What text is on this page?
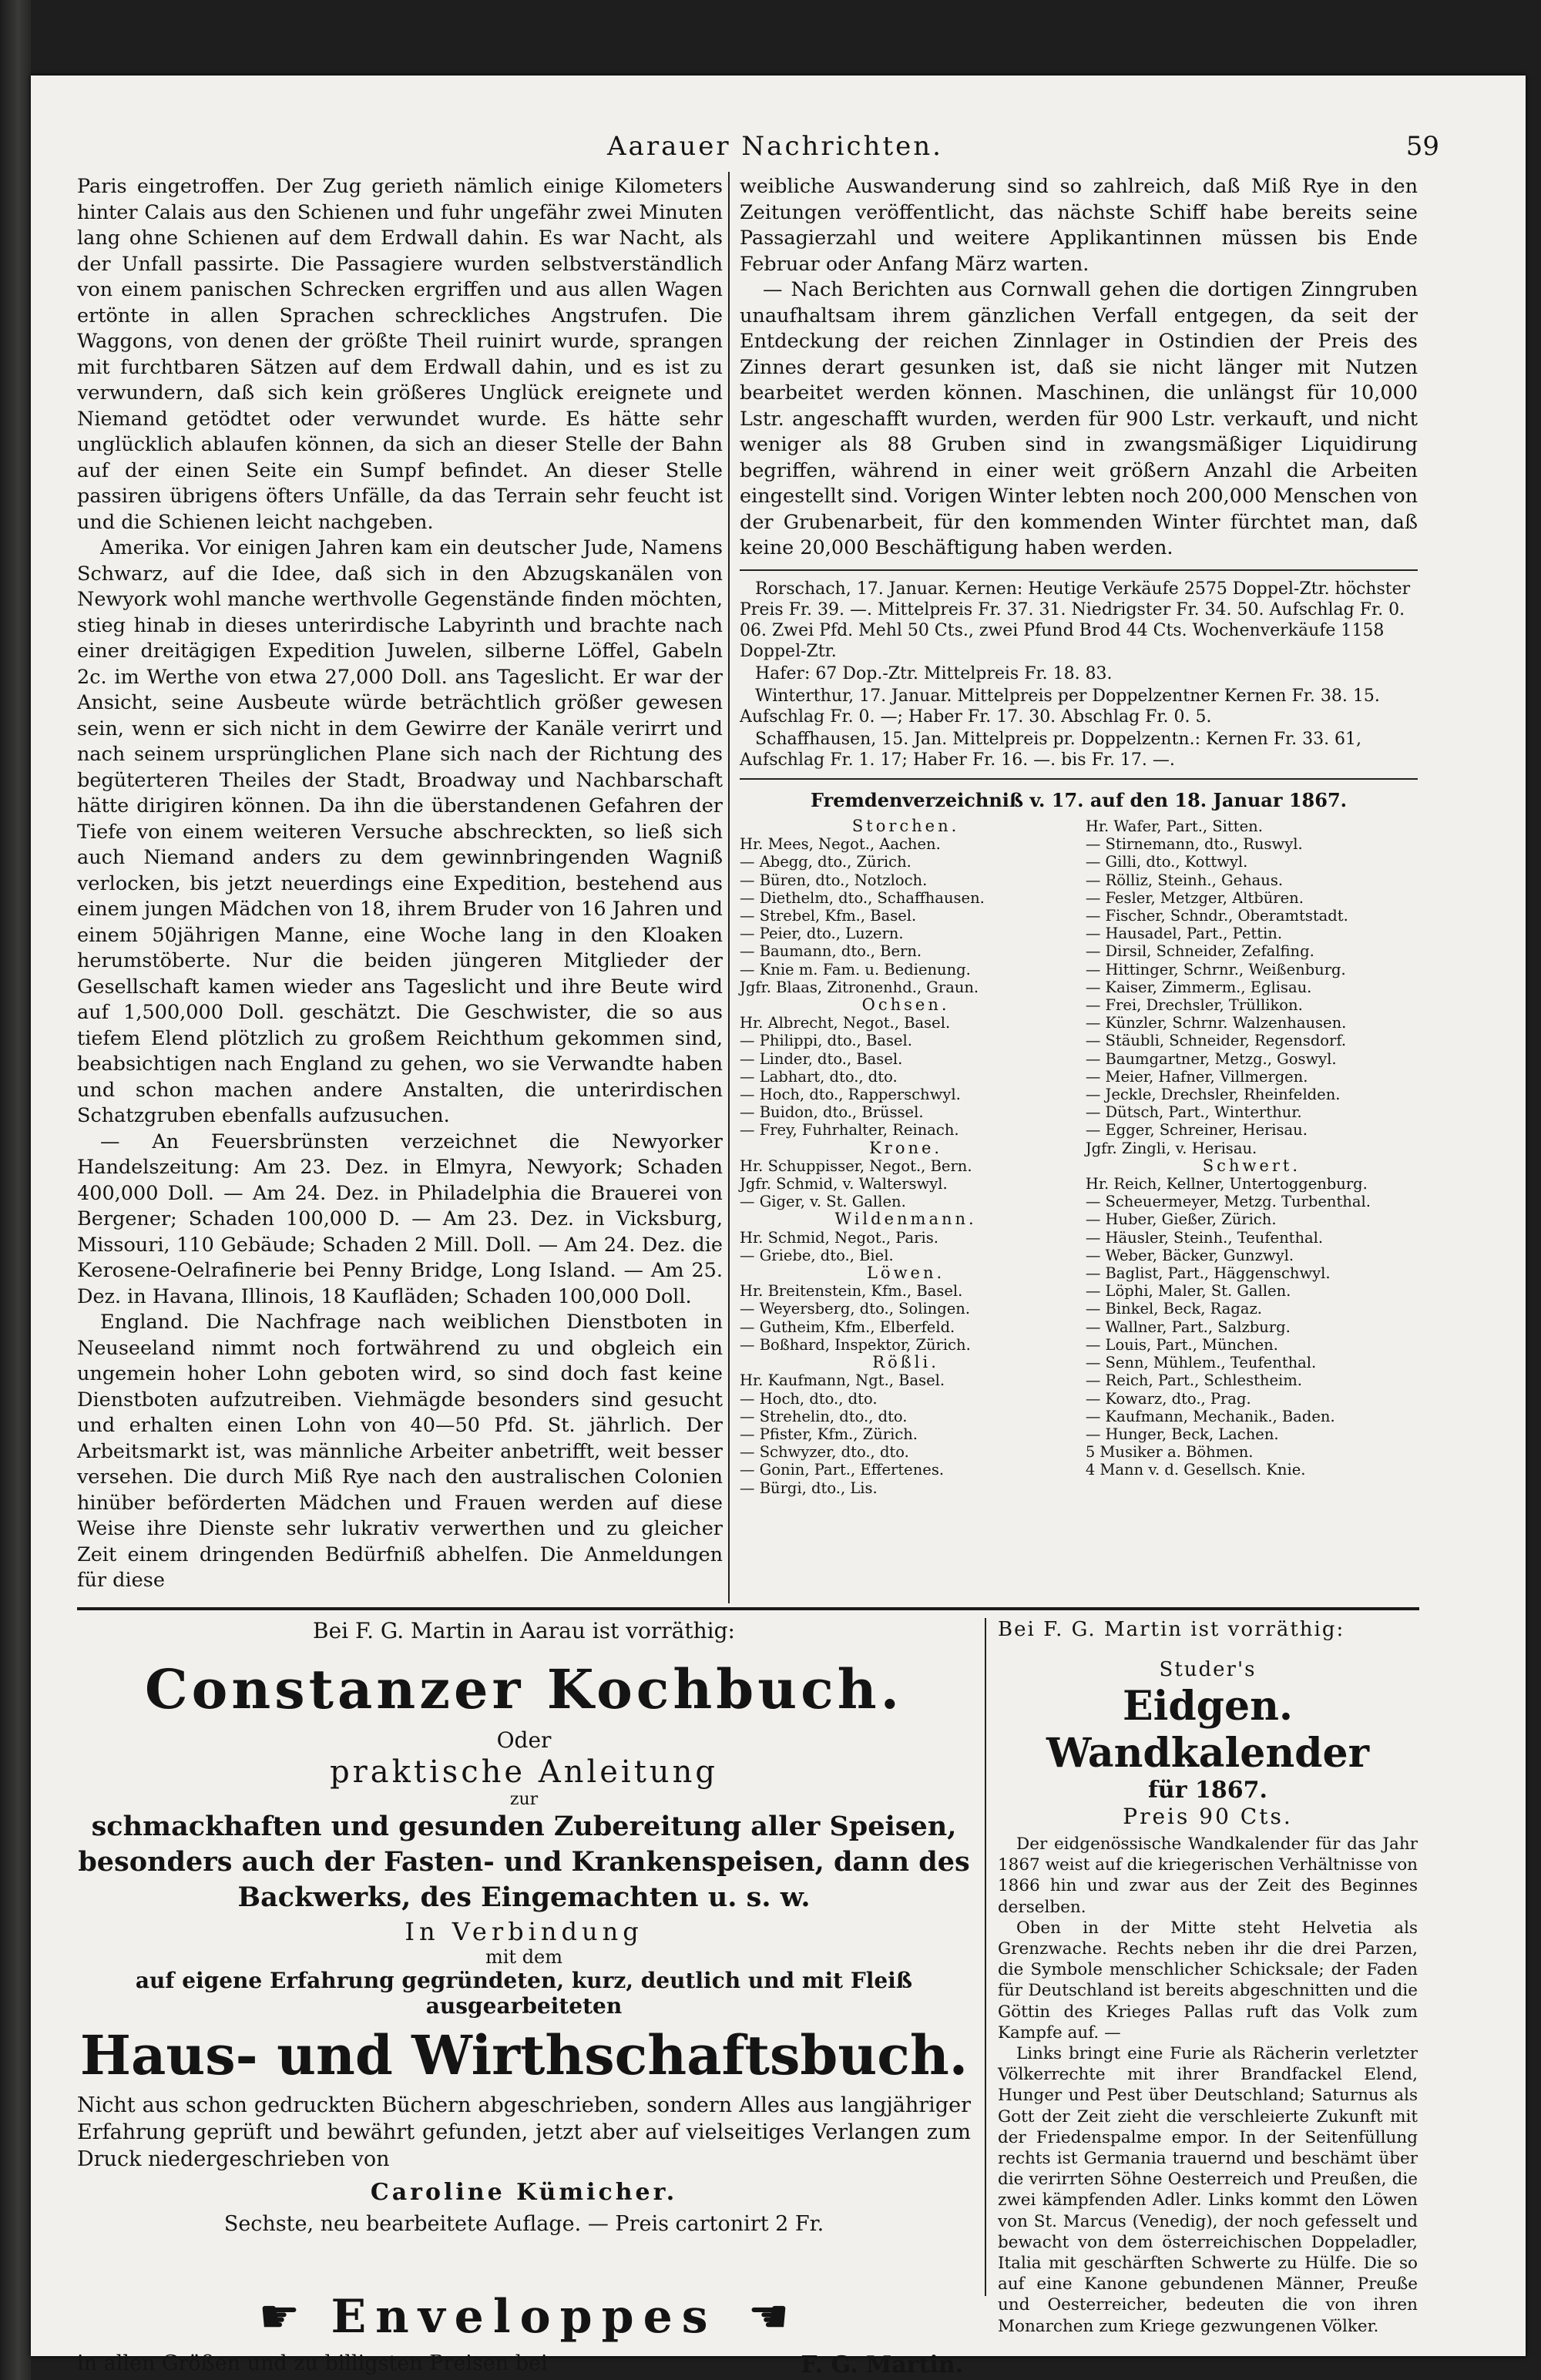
Aarauer Nachrichten.	59

Paris eingetroffen. Der Zug gerieth nämlich einige Kilometers hinter Calais aus den Schienen und fuhr ungefähr zwei Minuten lang ohne Schienen auf dem Erdwall dahin. Es war Nacht, als der Unfall passirte. Die Passagiere wurden selbstverständlich von einem panischen Schrecken ergriffen und aus allen Wagen ertönte in allen Sprachen schreckliches Angstrufen. Die Waggons, von denen der größte Theil ruinirt wurde, sprangen mit furchtbaren Sätzen auf dem Erdwall dahin, und es ist zu verwundern, daß sich kein größeres Unglück ereignete und Niemand getödtet oder verwundet wurde. Es hätte sehr unglücklich ablaufen können, da sich an dieser Stelle der Bahn auf der einen Seite ein Sumpf befindet. An dieser Stelle passiren übrigens öfters Unfälle, da das Terrain sehr feucht ist und die Schienen leicht nachgeben.

Amerika. Vor einigen Jahren kam ein deutscher Jude, Namens Schwarz, auf die Idee, daß sich in den Abzugskanälen von Newyork wohl manche werthvolle Gegenstände finden möchten, stieg hinab in dieses unterirdische Labyrinth und brachte nach einer dreitägigen Expedition Juwelen, silberne Löffel, Gabeln 2c. im Werthe von etwa 27,000 Doll. ans Tageslicht. Er war der Ansicht, seine Ausbeute würde beträchtlich größer gewesen sein, wenn er sich nicht in dem Gewirre der Kanäle verirrt und nach seinem ursprünglichen Plane sich nach der Richtung des begüterteren Theiles der Stadt, Broadway und Nachbarschaft hätte dirigiren können. Da ihn die überstandenen Gefahren der Tiefe von einem weiteren Versuche abschreckten, so ließ sich auch Niemand anders zu dem gewinnbringenden Wagniß verlocken, bis jetzt neuerdings eine Expedition, bestehend aus einem jungen Mädchen von 18, ihrem Bruder von 16 Jahren und einem 50jährigen Manne, eine Woche lang in den Kloaken herumstöberte. Nur die beiden jüngeren Mitglieder der Gesellschaft kamen wieder ans Tageslicht und ihre Beute wird auf 1,500,000 Doll. geschätzt. Die Geschwister, die so aus tiefem Elend plötzlich zu großem Reichthum gekommen sind, beabsichtigen nach England zu gehen, wo sie Verwandte haben und schon machen andere Anstalten, die unterirdischen Schatzgruben ebenfalls aufzusuchen.

— An Feuersbrünsten verzeichnet die Newyorker Handelszeitung: Am 23. Dez. in Elmyra, Newyork; Schaden 400,000 Doll. — Am 24. Dez. in Philadelphia die Brauerei von Bergener; Schaden 100,000 D. — Am 23. Dez. in Vicksburg, Missouri, 110 Gebäude; Schaden 2 Mill. Doll. — Am 24. Dez. die Kerosene-Oelrafinerie bei Penny Bridge, Long Island. — Am 25. Dez. in Havana, Illinois, 18 Kaufläden; Schaden 100,000 Doll.

England. Die Nachfrage nach weiblichen Dienstboten in Neuseeland nimmt noch fortwährend zu und obgleich ein ungemein hoher Lohn geboten wird, so sind doch fast keine Dienstboten aufzutreiben. Viehmägde besonders sind gesucht und erhalten einen Lohn von 40—50 Pfd. St. jährlich. Der Arbeitsmarkt ist, was männliche Arbeiter anbetrifft, weit besser versehen. Die durch Miß Rye nach den australischen Colonien hinüber beförderten Mädchen und Frauen werden auf diese Weise ihre Dienste sehr lukrativ verwerthen und zu gleicher Zeit einem dringenden Bedürfniß abhelfen. Die Anmeldungen für diese

weibliche Auswanderung sind so zahlreich, daß Miß Rye in den Zeitungen veröffentlicht, das nächste Schiff habe bereits seine Passagierzahl und weitere Applikantinnen müssen bis Ende Februar oder Anfang März warten.

— Nach Berichten aus Cornwall gehen die dortigen Zinngruben unaufhaltsam ihrem gänzlichen Verfall entgegen, da seit der Entdeckung der reichen Zinnlager in Ostindien der Preis des Zinnes derart gesunken ist, daß sie nicht länger mit Nutzen bearbeitet werden können. Maschinen, die unlängst für 10,000 Lstr. angeschafft wurden, werden für 900 Lstr. verkauft, und nicht weniger als 88 Gruben sind in zwangsmäßiger Liquidirung begriffen, während in einer weit größern Anzahl die Arbeiten eingestellt sind. Vorigen Winter lebten noch 200,000 Menschen von der Grubenarbeit, für den kommenden Winter fürchtet man, daß keine 20,000 Beschäftigung haben werden.

Rorschach, 17. Januar. Kernen: Heutige Verkäufe 2575 Doppel-Ztr. höchster Preis Fr. 39. —. Mittelpreis Fr. 37. 31. Niedrigster Fr. 34. 50. Aufschlag Fr. 0. 06. Zwei Pfd. Mehl 50 Cts., zwei Pfund Brod 44 Cts. Wochenverkäufe 1158 Doppel-Ztr.

Hafer: 67 Dop.-Ztr. Mittelpreis Fr. 18. 83.

Winterthur, 17. Januar. Mittelpreis per Doppelzentner Kernen Fr. 38. 15. Aufschlag Fr. 0. —; Haber Fr. 17. 30. Abschlag Fr. 0. 5.

Schaffhausen, 15. Jan. Mittelpreis pr. Doppelzentn.: Kernen Fr. 33. 61, Aufschlag Fr. 1. 17; Haber Fr. 16. —. bis Fr. 17. —.

Fremdenverzeichniß v. 17. auf den 18. Januar 1867.
Storchen.
Hr. Mees, Negot., Aachen.
— Abegg, dto., Zürich.
— Büren, dto., Notzloch.
— Diethelm, dto., Schaffhausen.
— Strebel, Kfm., Basel.
— Peier, dto., Luzern.
— Baumann, dto., Bern.
— Knie m. Fam. u. Bedienung.
Jgfr. Blaas, Zitronenhd., Graun.
Ochsen.
Hr. Albrecht, Negot., Basel.
— Philippi, dto., Basel.
— Linder, dto., Basel.
— Labhart, dto., dto.
— Hoch, dto., Rapperschwyl.
— Buidon, dto., Brüssel.
— Frey, Fuhrhalter, Reinach.
Krone.
Hr. Schuppisser, Negot., Bern.
Jgfr. Schmid, v. Walterswyl.
— Giger, v. St. Gallen.
Wildenmann.
Hr. Schmid, Negot., Paris.
— Griebe, dto., Biel.
Löwen.
Hr. Breitenstein, Kfm., Basel.
— Weyersberg, dto., Solingen.
— Gutheim, Kfm., Elberfeld.
— Boßhard, Inspektor, Zürich.
Rößli.
Hr. Kaufmann, Ngt., Basel.
— Hoch, dto., dto.
— Strehelin, dto., dto.
— Pfister, Kfm., Zürich.
— Schwyzer, dto., dto.
— Gonin, Part., Effertenes.
— Bürgi, dto., Lis.
Hr. Wafer, Part., Sitten.
— Stirnemann, dto., Ruswyl.
— Gilli, dto., Kottwyl.
— Rölliz, Steinh., Gehaus.
— Fesler, Metzger, Altbüren.
— Fischer, Schndr., Oberamtstadt.
— Hausadel, Part., Pettin.
— Dirsil, Schneider, Zefalfing.
— Hittinger, Schrnr., Weißenburg.
— Kaiser, Zimmerm., Eglisau.
— Frei, Drechsler, Trüllikon.
— Künzler, Schrnr. Walzenhausen.
— Stäubli, Schneider, Regensdorf.
— Baumgartner, Metzg., Goswyl.
— Meier, Hafner, Villmergen.
— Jeckle, Drechsler, Rheinfelden.
— Dütsch, Part., Winterthur.
— Egger, Schreiner, Herisau.
Jgfr. Zingli, v. Herisau.
Schwert.
Hr. Reich, Kellner, Untertoggenburg.
— Scheuermeyer, Metzg. Turbenthal.
— Huber, Gießer, Zürich.
— Häusler, Steinh., Teufenthal.
— Weber, Bäcker, Gunzwyl.
— Baglist, Part., Häggenschwyl.
— Löphi, Maler, St. Gallen.
— Binkel, Beck, Ragaz.
— Wallner, Part., Salzburg.
— Louis, Part., München.
— Senn, Mühlem., Teufenthal.
— Reich, Part., Schlestheim.
— Kowarz, dto., Prag.
— Kaufmann, Mechanik., Baden.
— Hunger, Beck, Lachen.
5 Musiker a. Böhmen.
4 Mann v. d. Gesellsch. Knie.
Bei F. G. Martin in Aarau ist vorräthig:
Constanzer Kochbuch.
Oder
praktische Anleitung
zur
schmackhaften und gesunden Zubereitung aller Speisen, besonders auch der Fasten- und Krankenspeisen, dann des Backwerks, des Eingemachten u. s. w.
In Verbindung
mit dem
auf eigene Erfahrung gegründeten, kurz, deutlich und mit Fleiß ausgearbeiteten
Haus- und Wirthschaftsbuch.
Nicht aus schon gedruckten Büchern abgeschrieben, sondern Alles aus langjähriger Erfahrung geprüft und bewährt gefunden, jetzt aber auf vielseitiges Verlangen zum Druck niedergeschrieben von
Caroline Kümicher.
Sechste, neu bearbeitete Auflage. — Preis cartonirt 2 Fr.
☛ Enveloppes ☚
in allen Größen und zu billigsten Preisen bei	F. G. Martin.
Bei F. G. Martin ist vorräthig:
Studer's
Eidgen. Wandkalender
für 1867.
Preis 90 Cts.

Der eidgenössische Wandkalender für das Jahr 1867 weist auf die kriegerischen Verhältnisse von 1866 hin und zwar aus der Zeit des Beginnes derselben.

Oben in der Mitte steht Helvetia als Grenzwache. Rechts neben ihr die drei Parzen, die Symbole menschlicher Schicksale; der Faden für Deutschland ist bereits abgeschnitten und die Göttin des Krieges Pallas ruft das Volk zum Kampfe auf. —

Links bringt eine Furie als Rächerin verletzter Völkerrechte mit ihrer Brandfackel Elend, Hunger und Pest über Deutschland; Saturnus als Gott der Zeit zieht die verschleierte Zukunft mit der Friedenspalme empor. In der Seitenfüllung rechts ist Germania trauernd und beschämt über die verirrten Söhne Oesterreich und Preußen, die zwei kämpfenden Adler. Links kommt den Löwen von St. Marcus (Venedig), der noch gefesselt und bewacht von dem österreichischen Doppeladler, Italia mit geschärften Schwerte zu Hülfe. Die so auf eine Kanone gebundenen Männer, Preuße und Oesterreicher, bedeuten die von ihren Monarchen zum Kriege gezwungenen Völker.
